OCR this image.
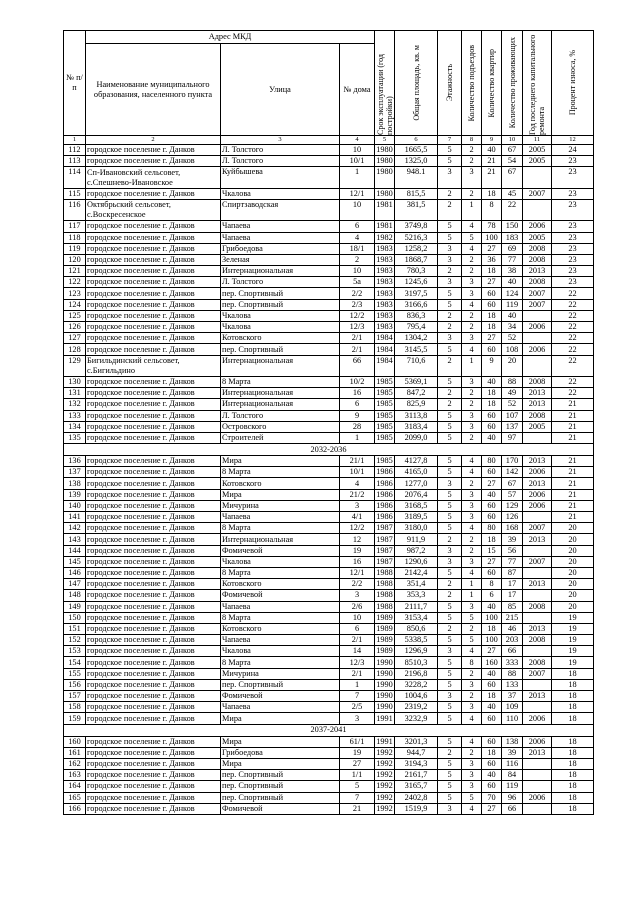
№ п/п	Адрес МКД			Срок эксплуатации (год постройки)	Общая площадь, кв. м	Этажность	Количество подъездов	Количество квартир	Количество проживающих	Год последнего капитального ремонта	Процент износа, %

	Наименование муниципального образования, населенного пункта	Улица	№ дома								
1	2	3	4	5	6	7	8	9	10	11	12
112	городское поселение г. Данков	Л. Толстого	10	1980	1665,5	5	2	40	67	2005	24
113	городское поселение г. Данков	Л. Толстого	10/1	1980	1325,0	5	2	21	54	2005	23
114	Сп-Ивановский сельсовет, с.Спешнево-Ивановское	Куйбышева	1	1980	948.1	3	3	21	67		23
115	городское поселение г. Данков	Чкалова	12/1	1980	815,5	2	2	18	45	2007	23
116	Октябрьский сельсовет, с.Воскресенское	Спиртзаводская	10	1981	381,5	2	1	8	22		23
117	городское поселение г. Данков	Чапаева	6	1981	3749,8	5	4	78	150	2006	23
118	городское поселение г. Данков	Чапаева	4	1982	5216,3	5	5	100	183	2005	23
119	городское поселение г. Данков	Грибоедова	18/1	1983	1258,2	3	4	27	69	2008	23
120	городское поселение г. Данков	Зеленая	2	1983	1868,7	3	2	36	77	2008	23
121	городское поселение г. Данков	Интернациональная	10	1983	780,3	2	2	18	38	2013	23
122	городское поселение г. Данков	Л. Толстого	5а	1983	1245,6	3	3	27	40	2008	23
123	городское поселение г. Данков	пер. Спортивный	2/2	1983	3197,5	5	3	60	124	2007	22
124	городское поселение г. Данков	пер. Спортивный	2/3	1983	3166,6	5	4	60	119	2007	22
125	городское поселение г. Данков	Чкалова	12/2	1983	836,3	2	2	18	40		22
126	городское поселение г. Данков	Чкалова	12/3	1983	795,4	2	2	18	34	2006	22
127	городское поселение г. Данков	Котовского	2/1	1984	1304,2	3	3	27	52		22
128	городское поселение г. Данков	пер. Спортивный	2/1	1984	3145,5	5	4	60	108	2006	22
129	Бигильдинский сельсовет, с.Бигильдино	Интернациональная	66	1984	710,6	2	1	9	20		22
130	городское поселение г. Данков	8 Марта	10/2	1985	5369,1	5	3	40	88	2008	22
131	городское поселение г. Данков	Интернациональная	16	1985	847,2	2	2	18	49	2013	22
132	городское поселение г. Данков	Интернациональная	6	1985	825,9	2	2	18	52	2013	21
133	городское поселение г. Данков	Л. Толстого	9	1985	3113,8	5	3	60	107	2008	21
134	городское поселение г. Данков	Островского	28	1985	3183,4	5	3	60	137	2005	21
135	городское поселение г. Данков	Строителей	1	1985	2099,0	5	2	40	97		21
2032-2036											
136	городское поселение г. Данков	Мира	21/1	1985	4127,8	5	4	80	170	2013	21
137	городское поселение г. Данков	8 Марта	10/1	1986	4165,0	5	4	60	142	2006	21
138	городское поселение г. Данков	Котовского	4	1986	1277,0	3	2	27	67	2013	21
139	городское поселение г. Данков	Мира	21/2	1986	2076,4	5	3	40	57	2006	21
140	городское поселение г. Данков	Мичурина	3	1986	3168,5	5	3	60	129	2006	21
141	городское поселение г. Данков	Чапаева	4/1	1986	3189,5	5	3	60	126		21
142	городское поселение г. Данков	8 Марта	12/2	1987	3180,0	5	4	80	168	2007	20
143	городское поселение г. Данков	Интернациональная	12	1987	911,9	2	2	18	39	2013	20
144	городское поселение г. Данков	Фомичевой	19	1987	987,2	3	2	15	56		20
145	городское поселение г. Данков	Чкалова	16	1987	1290,6	3	3	27	77	2007	20
146	городское поселение г. Данков	8 Марта	12/1	1988	2142,4	5	4	60	87		20
147	городское поселение г. Данков	Котовского	2/2	1988	351,4	2	1	8	17	2013	20
148	городское поселение г. Данков	Фомичевой	3	1988	353,3	2	1	6	17		20
149	городское поселение г. Данков	Чапаева	2/6	1988	2111,7	5	3	40	85	2008	20
150	городское поселение г. Данков	8 Марта	10	1989	3153,4	5	5	100	215		19
151	городское поселение г. Данков	Котовского	6	1989	850,6	2	2	18	46	2013	19
152	городское поселение г. Данков	Чапаева	2/1	1989	5338,5	5	5	100	203	2008	19
153	городское поселение г. Данков	Чкалова	14	1989	1296,9	3	4	27	66		19
154	городское поселение г. Данков	8 Марта	12/3	1990	8510,3	5	8	160	333	2008	19
155	городское поселение г. Данков	Мичурина	2/1	1990	2196,8	5	2	40	88	2007	18
156	городское поселение г. Данков	пер. Спортивный	1	1990	3228,2	5	3	60	133		18
157	городское поселение г. Данков	Фомичевой	7	1990	1004,6	3	2	18	37	2013	18
158	городское поселение г. Данков	Чапаева	2/5	1990	2319,2	5	3	40	109		18
159	городское поселение г. Данков	Мира	3	1991	3232,9	5	4	60	110	2006	18
2037-2041											
160	городское поселение г. Данков	Мира	61/1	1991	3201,3	5	4	60	138	2006	18
161	городское поселение г. Данков	Грибоедова	19	1992	944,7	2	2	18	39	2013	18
162	городское поселение г. Данков	Мира	27	1992	3194,3	5	3	60	116		18
163	городское поселение г. Данков	пер. Спортивный	1/1	1992	2161,7	5	3	40	84		18
164	городское поселение г. Данков	пер. Спортивный	5	1992	3165,7	5	3	60	119		18
165	городское поселение г. Данков	пер. Спортивный	7	1992	2402,8	5	5	70	96	2006	18
166	городское поселение г. Данков	Фомичевой	21	1992	1519,9	3	4	27	66		18
